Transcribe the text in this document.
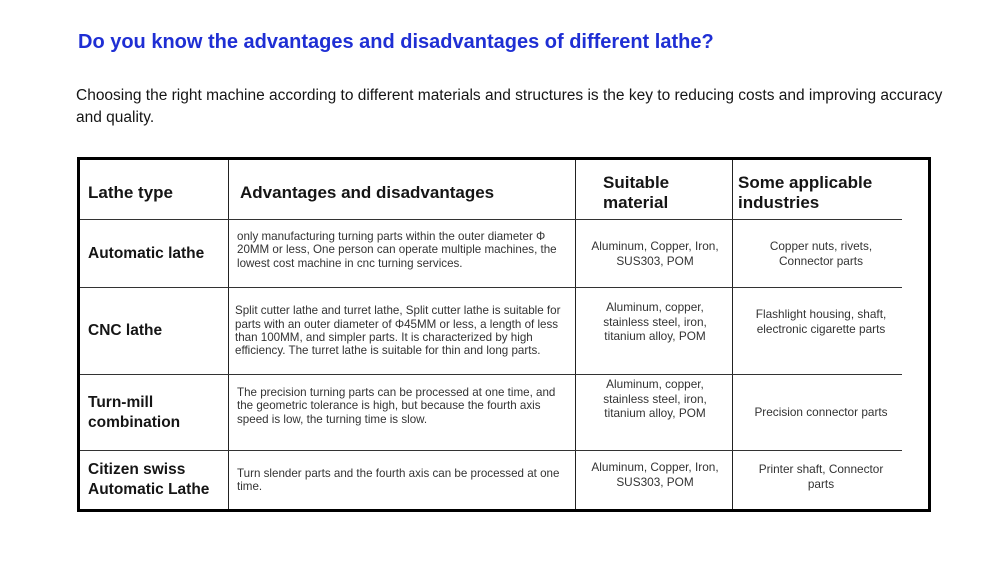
Do you know the advantages and disadvantages of different lathe?
Choosing the right machine according to different materials and structures is the key to reducing costs and improving accuracy and quality.
Lathe type	Advantages and disadvantages
Suitable material
Some applicable industries
Automatic lathe
only manufacturing turning parts within the outer diameter Φ 20MM or less, One person can operate multiple machines, the lowest cost machine in cnc turning services.
Aluminum, Copper, Iron, SUS303, POM
Copper nuts, rivets, Connector parts
CNC lathe
Split cutter lathe and turret lathe, Split cutter lathe is suitable for parts with an outer diameter of Φ45MM or less, a length of less than 100MM, and simpler parts. It is characterized by high efficiency. The turret lathe is suitable for thin and long parts.
Aluminum, copper, stainless steel, iron, titanium alloy, POM
Flashlight housing, shaft, electronic cigarette parts
Turn-mill combination
The precision turning parts can be processed at one time, and the geometric tolerance is high, but because the fourth axis speed is low, the turning time is slow.
Aluminum, copper, stainless steel, iron, titanium alloy, POM	Precision connector parts
Citizen swiss Automatic Lathe
Turn slender parts and the fourth axis can be processed at one time.
Aluminum, Copper, Iron, SUS303, POM
Printer shaft, Connector parts
